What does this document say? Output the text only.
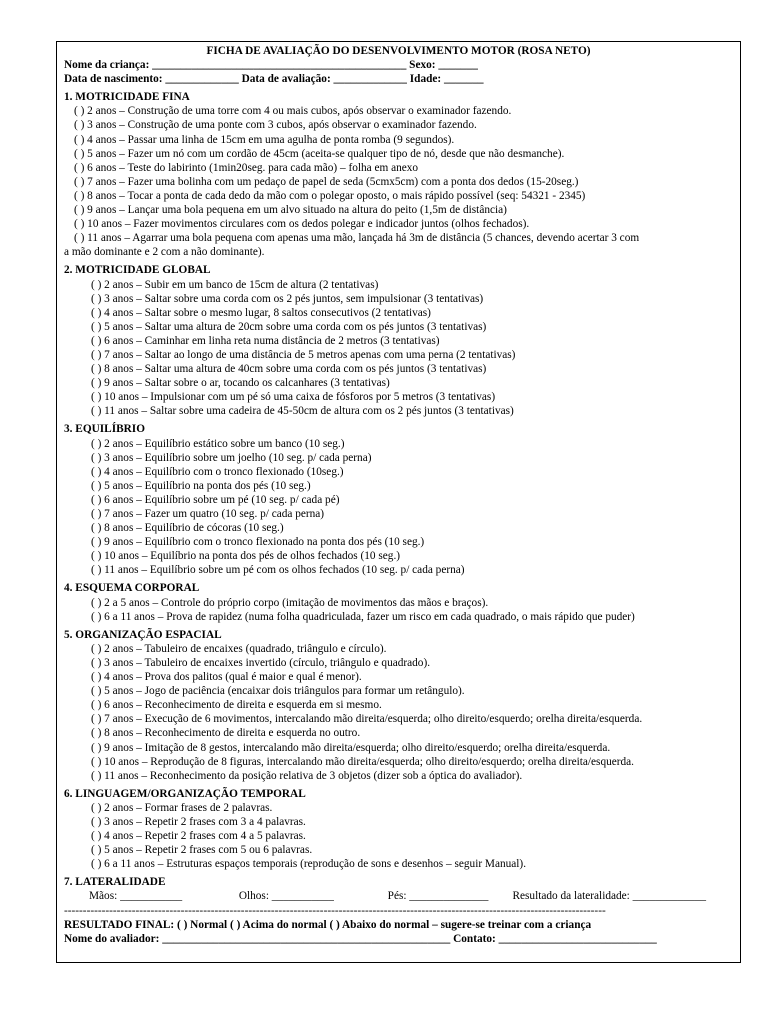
FICHA DE AVALIAÇÃO DO DESENVOLVIMENTO MOTOR (ROSA NETO)
Nome da criança: _____________________________________________ Sexo: _______
Data de nascimento: _____________ Data de avaliação: _____________ Idade: _______
1. MOTRICIDADE FINA
( ) 2 anos – Construção de uma torre com 4 ou mais cubos, após observar o examinador fazendo.
( ) 3 anos – Construção de uma ponte com 3 cubos, após observar o examinador fazendo.
( ) 4 anos – Passar uma linha de 15cm em uma agulha de ponta romba (9 segundos).
( ) 5 anos – Fazer um nó com um cordão de 45cm (aceita-se qualquer tipo de nó, desde que não desmanche).
( ) 6 anos – Teste do labirinto (1min20seg. para cada mão) – folha em anexo
( ) 7 anos – Fazer uma bolinha com um pedaço de papel de seda (5cmx5cm) com a ponta dos dedos (15-20seg.)
( ) 8 anos – Tocar a ponta de cada dedo da mão com o polegar oposto, o mais rápido possível (seq: 54321 - 2345)
( ) 9 anos – Lançar uma bola pequena em um alvo situado na altura do peito (1,5m de distância)
( ) 10 anos – Fazer movimentos circulares com os dedos polegar e indicador juntos (olhos fechados).
( ) 11 anos – Agarrar uma bola pequena com apenas uma mão, lançada há 3m de distância (5 chances, devendo acertar 3 com
a mão dominante e 2 com a não dominante).
2. MOTRICIDADE GLOBAL
( ) 2 anos – Subir em um banco de 15cm de altura (2 tentativas)
( ) 3 anos – Saltar sobre uma corda com os 2 pés juntos, sem impulsionar (3 tentativas)
( ) 4 anos – Saltar sobre o mesmo lugar, 8 saltos consecutivos (2 tentativas)
( ) 5 anos – Saltar uma altura de 20cm sobre uma corda com os pés juntos (3 tentativas)
( ) 6 anos – Caminhar em linha reta numa distância de 2 metros (3 tentativas)
( ) 7 anos – Saltar ao longo de uma distância de 5 metros apenas com uma perna (2 tentativas)
( ) 8 anos – Saltar uma altura de 40cm sobre uma corda com os pés juntos (3 tentativas)
( ) 9 anos – Saltar sobre o ar, tocando os calcanhares (3 tentativas)
( ) 10 anos – Impulsionar com um pé só uma caixa de fósforos por 5 metros (3 tentativas)
( ) 11 anos – Saltar sobre uma cadeira de 45-50cm de altura com os 2 pés juntos (3 tentativas)
3. EQUILÍBRIO
( ) 2 anos – Equilíbrio estático sobre um banco (10 seg.)
( ) 3 anos – Equilíbrio sobre um joelho (10 seg. p/ cada perna)
( ) 4 anos – Equilíbrio com o tronco flexionado (10seg.)
( ) 5 anos – Equilíbrio na ponta dos pés (10 seg.)
( ) 6 anos – Equilíbrio sobre um pé (10 seg. p/ cada pé)
( ) 7 anos – Fazer um quatro (10 seg. p/ cada perna)
( ) 8 anos – Equilíbrio de cócoras (10 seg.)
( ) 9 anos – Equilíbrio com o tronco flexionado na ponta dos pés (10 seg.)
( ) 10 anos – Equilíbrio na ponta dos pés de olhos fechados (10 seg.)
( ) 11 anos – Equilíbrio sobre um pé com os olhos fechados (10 seg. p/ cada perna)
4. ESQUEMA CORPORAL
( ) 2 a 5 anos – Controle do próprio corpo (imitação de movimentos das mãos e braços).
( ) 6 a 11 anos – Prova de rapidez (numa folha quadriculada, fazer um risco em cada quadrado, o mais rápido que puder)
5. ORGANIZAÇÃO ESPACIAL
( ) 2 anos – Tabuleiro de encaixes (quadrado, triângulo e círculo).
( ) 3 anos – Tabuleiro de encaixes invertido (círculo, triângulo e quadrado).
( ) 4 anos – Prova dos palitos (qual é maior e qual é menor).
( ) 5 anos – Jogo de paciência (encaixar dois triângulos para formar um retângulo).
( ) 6 anos – Reconhecimento de direita e esquerda em si mesmo.
( ) 7 anos – Execução de 6 movimentos, intercalando mão direita/esquerda; olho direito/esquerdo; orelha direita/esquerda.
( ) 8 anos – Reconhecimento de direita e esquerda no outro.
( ) 9 anos – Imitação de 8 gestos, intercalando mão direita/esquerda; olho direito/esquerdo; orelha direita/esquerda.
( ) 10 anos – Reprodução de 8 figuras, intercalando mão direita/esquerda; olho direito/esquerdo; orelha direita/esquerda.
( ) 11 anos – Reconhecimento da posição relativa de 3 objetos (dizer sob a óptica do avaliador).
6. LINGUAGEM/ORGANIZAÇÃO TEMPORAL
( ) 2 anos – Formar frases de 2 palavras.
( ) 3 anos – Repetir 2 frases com 3 a 4 palavras.
( ) 4 anos – Repetir 2 frases com 4 a 5 palavras.
( ) 5 anos – Repetir 2 frases com 5 ou 6 palavras.
( ) 6 a 11 anos – Estruturas espaços temporais (reprodução de sons e desenhos – seguir Manual).
7. LATERALIDADE
Mãos: ___________	Olhos: ___________	Pés: ______________ Resultado da lateralidade: _____________
------------------------------------------------------------------------------------------------------------------------------------------------
RESULTADO FINAL: ( ) Normal ( ) Acima do normal ( ) Abaixo do normal – sugere-se treinar com a criança
Nome do avaliador: ___________________________________________________ Contato: ____________________________
